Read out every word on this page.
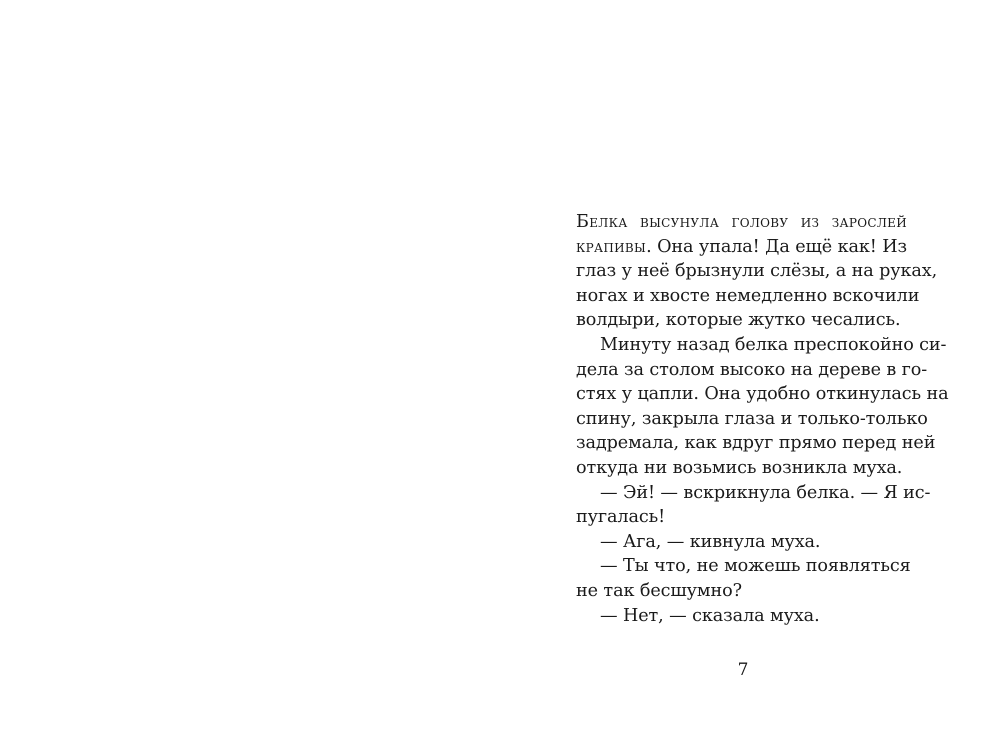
Белка высунула голову из зарослей
крапивы. Она упала! Да ещё как! Из
глаз у неё брызнули слёзы, а на руках,
ногах и хвосте немедленно вскочили
волдыри, которые жутко чесались.
Минуту назад белка преспокойно си-
дела за столом высоко на дереве в го-
стях у цапли. Она удобно откинулась на
спину, закрыла глаза и только-только
задремала, как вдруг прямо перед ней
откуда ни возьмись возникла муха.
— Эй! — вскрикнула белка. — Я ис-
пугалась!
— Ага, — кивнула муха.
— Ты что, не можешь появляться
не так бесшумно?
— Нет, — сказала муха.
7
